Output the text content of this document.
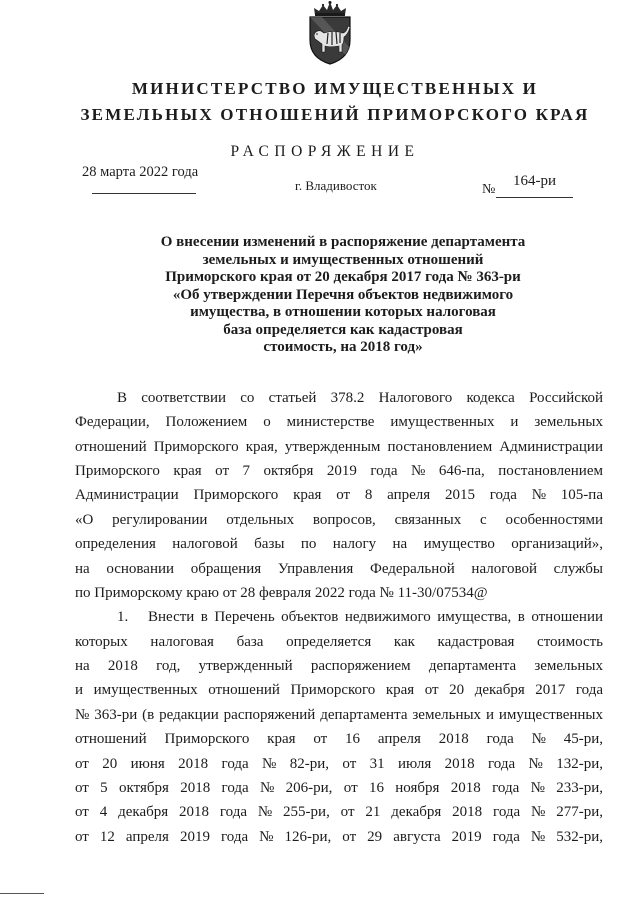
МИНИСТЕРСТВО ИМУЩЕСТВЕННЫХ И
ЗЕМЕЛЬНЫХ ОТНОШЕНИЙ ПРИМОРСКОГО КРАЯ
РАСПОРЯЖЕНИЕ
28 марта 2022 года
г. Владивосток	№
164-ри
О внесении изменений в распоряжение департамента
земельных и имущественных отношений
Приморского края от 20 декабря 2017 года № 363-ри
«Об утверждении Перечня объектов недвижимого
имущества, в отношении которых налоговая
база определяется как кадастровая
стоимость, на 2018 год»
В соответствии со статьей 378.2 Налогового кодекса Российской
Федерации, Положением о министерстве имущественных и земельных
отношений Приморского края, утвержденным постановлением Администрации
Приморского края от 7 октября 2019 года № 646-па, постановлением
Администрации Приморского края от 8 апреля 2015 года № 105-па
«О регулировании отдельных вопросов, связанных с особенностями
определения налоговой базы по налогу на имущество организаций»,
на основании обращения Управления Федеральной налоговой службы
по Приморскому краю от 28 февраля 2022 года № 11-30/07534@
1.	Внести в Перечень объектов недвижимого имущества, в отношении
которых налоговая база определяется как кадастровая стоимость
на 2018 год, утвержденный распоряжением департамента земельных
и имущественных отношений Приморского края от 20 декабря 2017 года
№ 363-ри (в редакции распоряжений департамента земельных и имущественных
отношений Приморского края от 16 апреля 2018 года № 45-ри,
от 20 июня 2018 года № 82-ри, от 31 июля 2018 года № 132-ри,
от 5 октября 2018 года № 206-ри, от 16 ноября 2018 года № 233-ри,
от 4 декабря 2018 года № 255-ри, от 21 декабря 2018 года № 277-ри,
от 12 апреля 2019 года № 126-ри, от 29 августа 2019 года № 532-ри,
